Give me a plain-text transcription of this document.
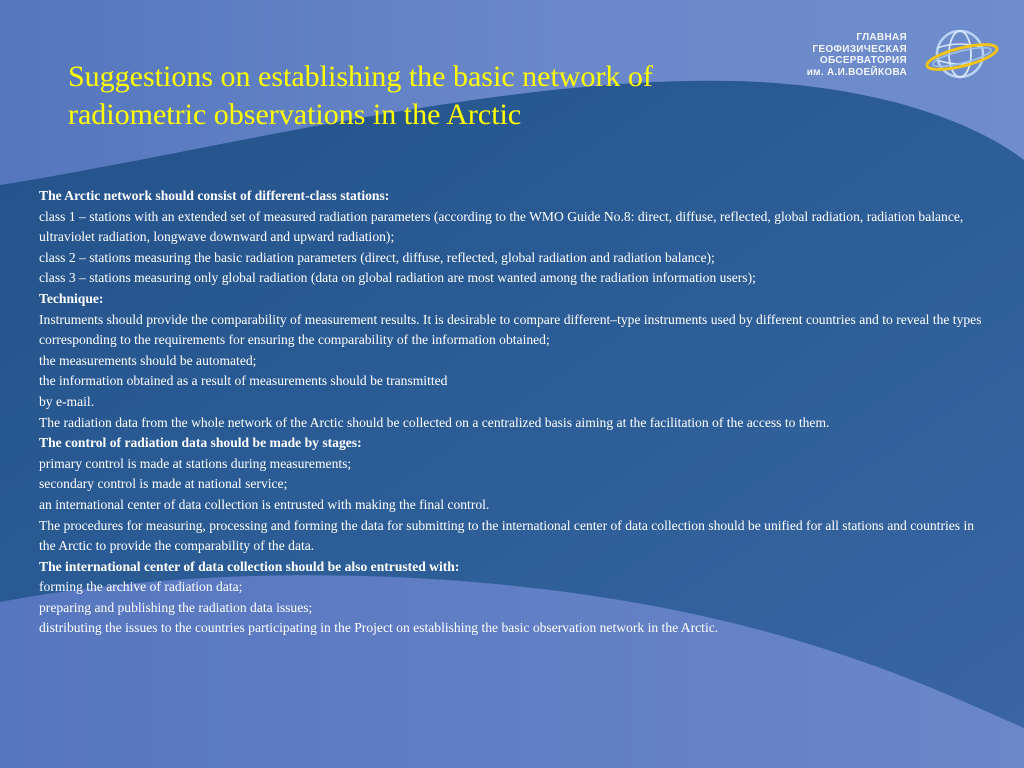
Suggestions on establishing the basic network of
radiometric observations in the Arctic
ГЛАВНАЯ
ГЕОФИЗИЧЕСКАЯ
ОБСЕРВАТОРИЯ
им. А.И.ВОЕЙКОВА

The Arctic network should consist of different-class stations:

class 1 – stations with an extended set of measured radiation parameters (according to the WMO Guide No.8: direct, diffuse, reflected, global radiation, radiation balance, ultraviolet radiation, longwave downward and upward radiation);

class 2 – stations measuring the basic radiation parameters (direct, diffuse, reflected, global radiation and radiation balance);

class 3 – stations measuring only global radiation (data on global radiation are most wanted among the radiation information users);

Technique:

Instruments should provide the comparability of measurement results. It is desirable to compare different–type instruments used by different countries and to reveal the types corresponding to the requirements for ensuring the comparability of the information obtained;

the measurements should be automated;

the information obtained as a result of measurements should be transmitted

by e-mail.

The radiation data from the whole network of the Arctic should be collected on a centralized basis aiming at the facilitation of the access to them.

The control of radiation data should be made by stages:

primary control is made at stations during measurements;

secondary control is made at national service;

an international center of data collection is entrusted with making the final control.

The procedures for measuring, processing and forming the data for submitting to the international center of data collection should be unified for all stations and countries in the Arctic to provide the comparability of the data.

The international center of data collection should be also entrusted with:

forming the archive of radiation data;

preparing and publishing the radiation data issues;

distributing the issues to the countries participating in the Project on establishing the basic observation network in the Arctic.
